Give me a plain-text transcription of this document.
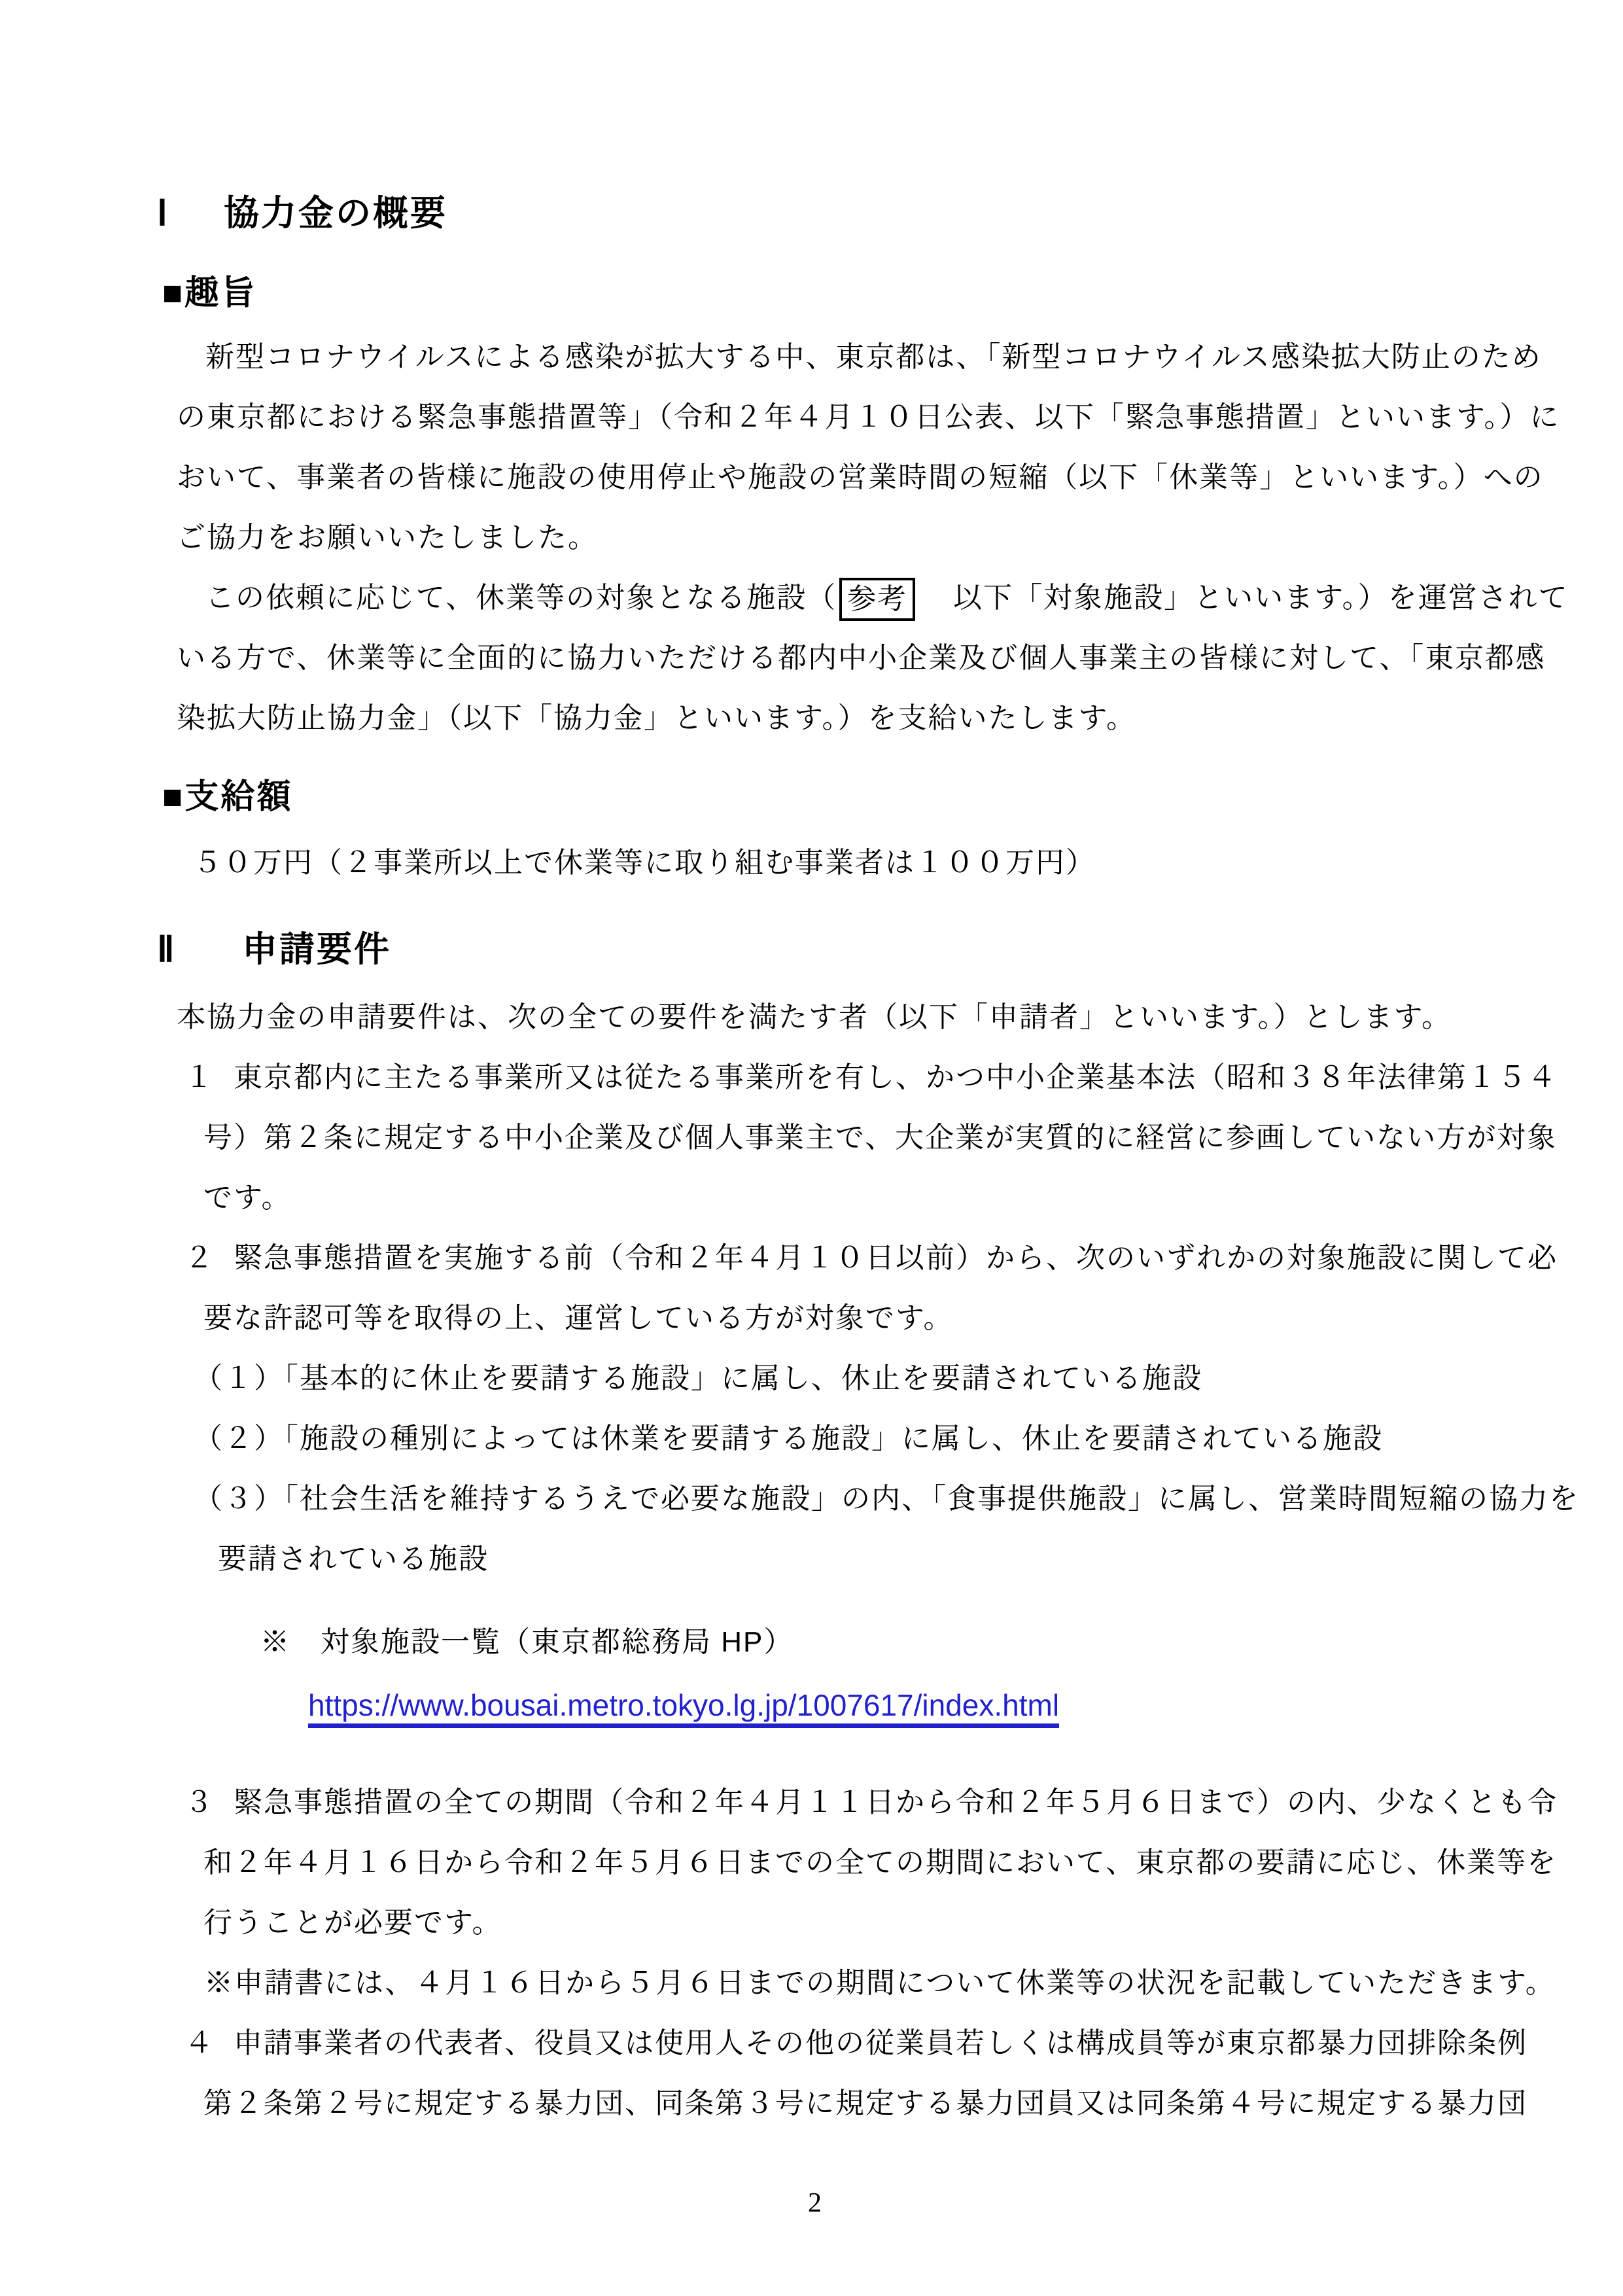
Ⅰ 協力金の概要
■趣旨
新型コロナウイルスによる感染が拡大する中、東京都は、「新型コロナウイルス感染拡大防止のため
の東京都における緊急事態措置等」（令和２年４月１０日公表、以下「緊急事態措置」といいます。）に
おいて、事業者の皆様に施設の使用停止や施設の営業時間の短縮（以下「休業等」といいます。）への
ご協力をお願いいたしました。
この依頼に応じて、休業等の対象となる施設（ 参考　以下「対象施設」といいます。）を運営されて
いる方で、休業等に全面的に協力いただける都内中小企業及び個人事業主の皆様に対して、「東京都感
染拡大防止協力金」（以下「協力金」といいます。）を支給いたします。
■支給額
５０万円（２事業所以上で休業等に取り組む事業者は１００万円）
Ⅱ 申請要件
本協力金の申請要件は、次の全ての要件を満たす者（以下「申請者」といいます。）とします。
１ 東京都内に主たる事業所又は従たる事業所を有し、かつ中小企業基本法（昭和３８年法律第１５４
号）第２条に規定する中小企業及び個人事業主で、大企業が実質的に経営に参画していない方が対象
です。
２ 緊急事態措置を実施する前（令和２年４月１０日以前）から、次のいずれかの対象施設に関して必
要な許認可等を取得の上、運営している方が対象です。
（１）「基本的に休止を要請する施設」に属し、休止を要請されている施設
（２）「施設の種別によっては休業を要請する施設」に属し、休止を要請されている施設
（３）「社会生活を維持するうえで必要な施設」の内、「食事提供施設」に属し、営業時間短縮の協力を
要請されている施設
※　対象施設一覧（東京都総務局 HP）
https://www.bousai.metro.tokyo.lg.jp/1007617/index.html
３ 緊急事態措置の全ての期間（令和２年４月１１日から令和２年５月６日まで）の内、少なくとも令
和２年４月１６日から令和２年５月６日までの全ての期間において、東京都の要請に応じ、休業等を
行うことが必要です。
※申請書には、４月１６日から５月６日までの期間について休業等の状況を記載していただきます。
４ 申請事業者の代表者、役員又は使用人その他の従業員若しくは構成員等が東京都暴力団排除条例
第２条第２号に規定する暴力団、同条第３号に規定する暴力団員又は同条第４号に規定する暴力団
2
